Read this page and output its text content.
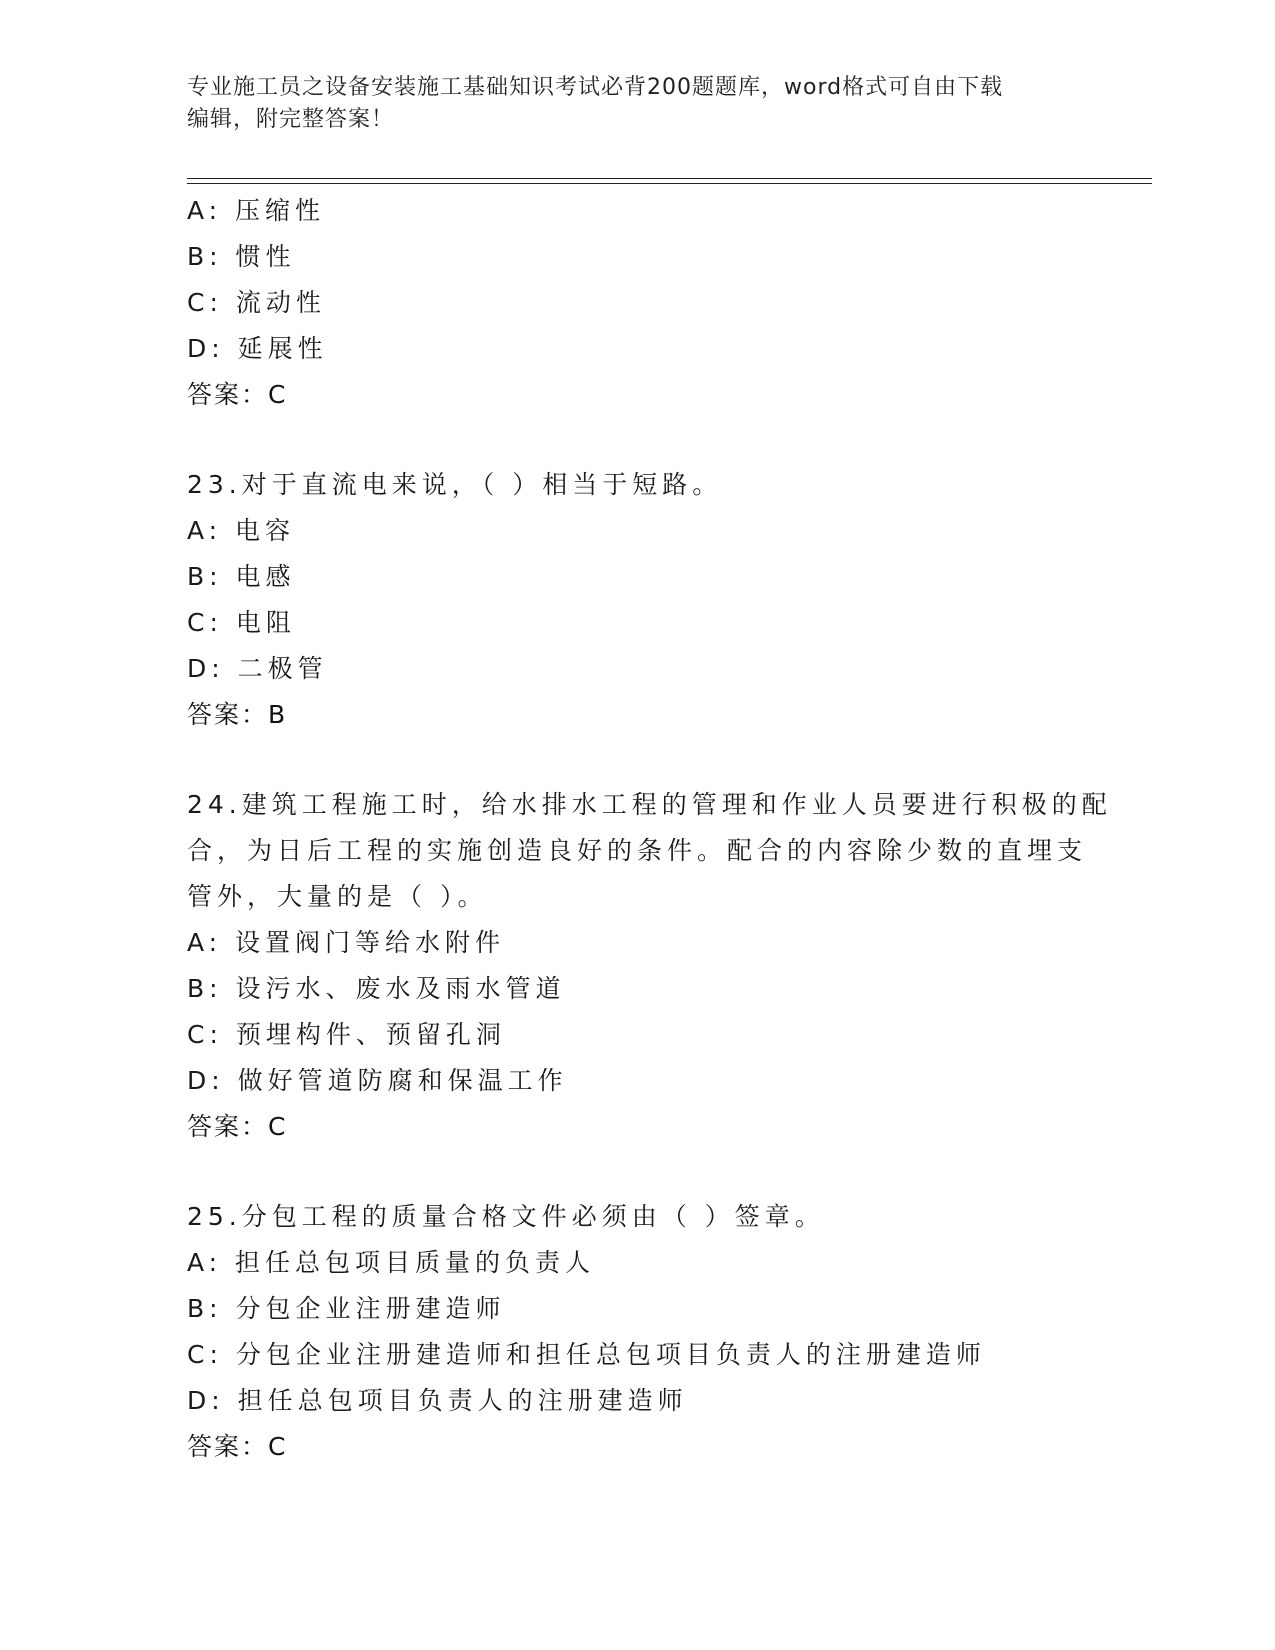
专业施工员之设备安装施工基础知识考试必背200题题库，word格式可自由下载
编辑，附完整答案！
A: 压缩性
B: 惯性
C: 流动性
D: 延展性
答案：C
23.对于直流电来说，（ ）相当于短路。
A: 电容
B: 电感
C: 电阻
D: 二极管
答案：B
24.建筑工程施工时，给水排水工程的管理和作业人员要进行积极的配
合，为日后工程的实施创造良好的条件。配合的内容除少数的直埋支
管外，大量的是（ ）。
A: 设置阀门等给水附件
B: 设污水、废水及雨水管道
C: 预埋构件、预留孔洞
D: 做好管道防腐和保温工作
答案：C
25.分包工程的质量合格文件必须由（ ）签章。
A: 担任总包项目质量的负责人
B: 分包企业注册建造师
C: 分包企业注册建造师和担任总包项目负责人的注册建造师
D: 担任总包项目负责人的注册建造师
答案：C
